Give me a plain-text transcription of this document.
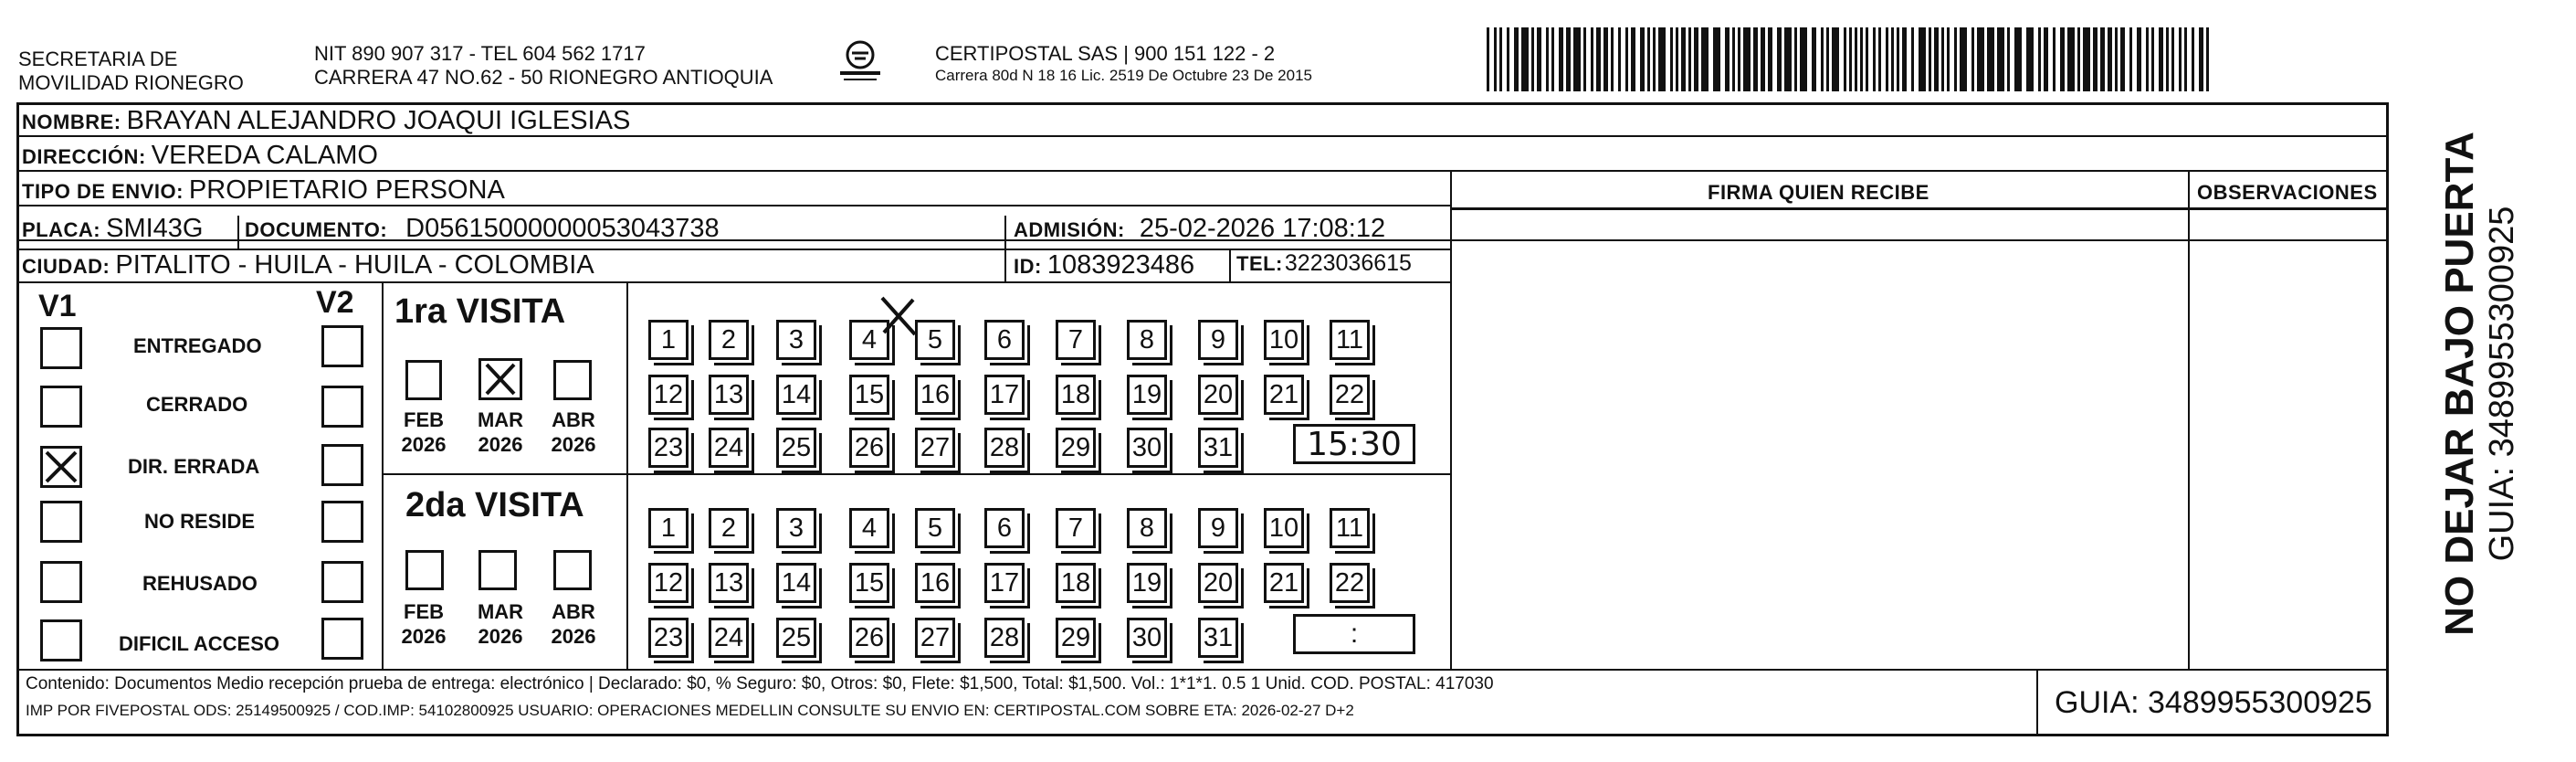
SECRETARIA DE
MOVILIDAD RIONEGRO
NIT 890 907 317 - TEL 604 562 1717
CARRERA 47 NO.62 - 50 RIONEGRO ANTIOQUIA
CERTIPOSTAL SAS | 900 151 122 - 2
Carrera 80d N 18 16 Lic. 2519 De Octubre 23 De 2015
NOMBRE: BRAYAN ALEJANDRO JOAQUI IGLESIAS
DIRECCIÓN: VEREDA CALAMO
TIPO DE ENVIO: PROPIETARIO PERSONA	FIRMA QUIEN RECIBE	OBSERVACIONES
PLACA: SMI43G DOCUMENTO: D05615000000053043738	ADMISIÓN: 25-02-2026 17:08:12
CIUDAD: PITALITO - HUILA - HUILA - COLOMBIA	ID: 1083923486 TEL: 3223036615
V1	V2
ENTREGADO
CERRADO
DIR. ERRADA
NO RESIDE
REHUSADO
DIFICIL ACCESO
1ra VISITA
FEB
2026
MAR
2026
ABR
2026
2da VISITA
FEB
2026
MAR
2026
ABR
2026
1	2	3	4	5	6	7	8	9	10 11
12 13 14 15 16 17 18 19 20 21 22
23 24 25 26 27 28 29 30 31
1	2	3	4	5	6	7	8	9	10 11
12 13 14 15 16 17 18 19 20 21 22
23 24 25 26 27 28 29 30 31
15:30
:
Contenido: Documentos Medio recepción prueba de entrega: electrónico | Declarado: $0, % Seguro: $0, Otros: $0, Flete: $1,500, Total: $1,500. Vol.: 1*1*1. 0.5 1 Unid. COD. POSTAL: 417030
IMP POR FIVEPOSTAL ODS: 25149500925 / COD.IMP: 54102800925 USUARIO: OPERACIONES MEDELLIN CONSULTE SU ENVIO EN: CERTIPOSTAL.COM SOBRE ETA: 2026-02-27 D+2	GUIA: 3489955300925
NO DEJAR BAJO PUERTA GUIA: 3489955300925
